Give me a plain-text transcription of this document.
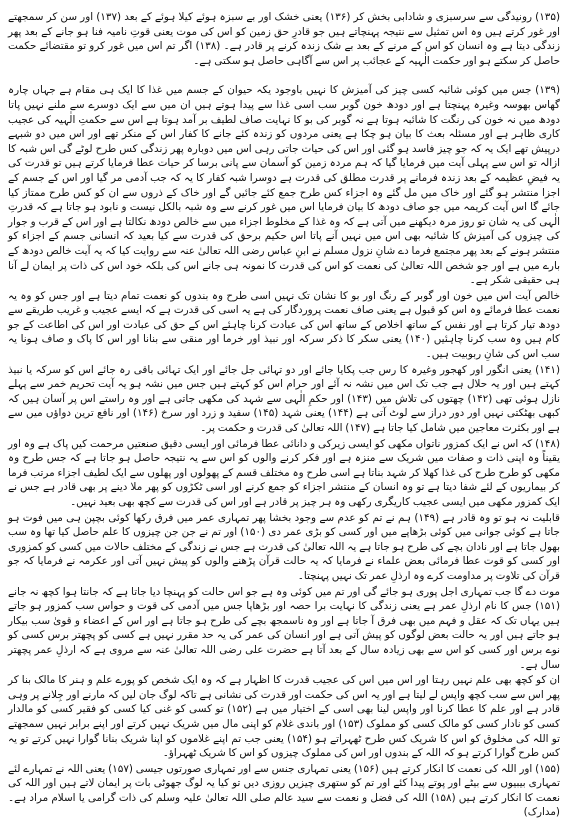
(۱۳۵) رونیدگی سے سرسبزی و شادابی بخش کر (۱۳۶) یعنی خشک اور بے سبزہ ہوئے کیلا ہوئے کے بعد (۱۳۷) اور سن کر سمجھتے اور غور کرتے ہیں وہ اس تمثیل سے نتیجہ پہنچاتے ہیں جو قادرِ حق زمین کو اس کی موت یعنی قوتِ نامیہ فنا ہو جانے کے بعد پھر زندگی دیتا ہے وہ انسان کو اس کے مرنے کے بعد بے شک زندہ کرنے پر قادر ہے۔ (۱۳۸) اگر تم اس میں غور کرو تو مقتضائے حکمت حاصل کر سکتے ہو اور حکمت الٰہیہ کے عجائب پر اس سے آگاہی حاصل ہو سکتی ہے۔

(۱۳۹) جس میں کوئی شائبہ کسی چیز کی آمیزش کا نہیں باوجود یکہ حیوان کے جسم میں غذا کا ایک ہی مقام ہے جہاں چارہ گھاس بھوسہ وغیرہ پہنچتا ہے اور دودھ خون گوبر سب اسی غذا سے پیدا ہوتے ہیں ان میں سے ایک دوسرے سے ملنے نہیں پاتا دودھ میں نہ خون کی رنگت کا شائبہ ہوتا ہے نہ گوبر کی بو کا نہایت صاف لطیف بر آمد ہوتا ہے اس سے حکمتِ الٰہیہ کی عجیب کاری ظاہر ہے اور مسئلہ بعث کا بیان ہو چکا ہے یعنی مردوں کو زندہ کئے جانے کا کفار اس کے منکر تھے اور اس میں دو شبہے درپیش تھے ایک یہ کہ جو چیز فاسد ہو گئی اور اس کی حیات جاتی رہی اس میں دوبارہ پھر زندگی کس طرح لوٹے گی اس شبہ کا ازالہ تو اس سے پہلی آیت میں فرمایا گیا کہ ہم مردہ زمین کو آسمان سے پانی برسا کر حیات عطا فرمایا کرتے ہیں تو قدرت کی یہ فیضِ عظیمہ کے بعد زندہ فرمانے پر قدرت مطلق کی قدرت ہے دوسرا شبہ کفار کا یہ کہ جب آدمی مر گیا اور اس کے جسم کے اجزا منتشر ہو گئے اور خاک میں مل گئے وہ اجزاء کس طرح جمع کئے جائیں گے اور خاک کے ذروں سے ان کو کس طرح ممتاز کیا جائے گا اس آیت کریمہ میں جو صاف دودھ کا بیان فرمایا اس میں غور کرنے سے وہ شبہ بالکل نیست و نابود ہو جاتا ہے کہ قدرتِ الٰہی کی یہ شان تو روز مرہ دیکھنے میں آتی ہے کہ وہ غذا کے مخلوط اجزاء میں سے خالص دودھ نکالتا ہے اور اس کے قرب و جوار کی چیزوں کی آمیزش کا شائبہ بھی اس میں نہیں آنے پاتا اس حکیم برحق کی قدرت سے کیا بعید کہ انسانی جسم کے اجزاء کو منتشر ہونے کے بعد پھر مجتمع فرما دے شانِ نزول مسلم نے ابنِ عباس رضی اللہ تعالیٰ عنہ سے روایت کیا کہ یہ آیت خالص دودھ کے بارے میں ہے اور جو شخص اللہ تعالیٰ کی نعمت کو اس کی قدرت کا نمونہ ہی جانے اس کی بلکہ خود اس کی ذات پر ایمان لے آنا ہی حقیقی شکر ہے۔

خالص آیت اس میں خون اور گوبر کے رنگ اور بو کا نشان تک نہیں اسی طرح وہ بندوں کو نعمت تمام دیتا ہے اور جس کو وہ یہ نعمت عطا فرمائے وہ اس کو قبول ہے یعنی صاف نعمت پروردگار کی ہے یہ اسی کی قدرت ہے کہ ایسے عجیب و غریب طریقے سے دودھ تیار کرتا ہے اور نفس کے ساتھ اخلاص کے ساتھ اس کی عبادت کرنا چاہئے اس کے حق کی عبادت اور اس کی اطاعت کے جو کام ہیں وہ سب کرنا چاہئیں (۱۴۰) یعنی سکر کا ذکر سرکہ اور نبیذ اور خرما اور منقی سے بنانا اور اس کا پاک و صاف ہونا یہ سب اس کی شانِ ربوبیت ہیں۔

(۱۴۱) یعنی انگور اور کھجور وغیرہ کا رس جب پکایا جائے اور دو تہائی جل جائے اور ایک تہائی باقی رہ جائے اس کو سرکہ یا نبیذ کہتے ہیں اور یہ حلال ہے جب تک اس میں نشہ نہ آئے اور حرام اس کو کہتے ہیں جس میں نشہ ہو یہ آیت تحریم خمر سے پہلے نازل ہوئی تھی (۱۴۲) چھتوں کی تلاش میں (۱۴۳) اور حکمِ الٰہی سے شہد کی مکھی جاتی ہے اور وہ راستے اس پر آسان ہیں کہ کبھی بھٹکتی نہیں اور دور دراز سے لوٹ آتی ہے (۱۴۴) یعنی شہد (۱۴۵) سفید و زرد اور سرخ (۱۴۶) اور نافع ترین دواؤں میں سے ہے اور بکثرت معاجین میں شامل کیا جاتا ہے (۱۴۷) اللہ تعالیٰ کی قدرت و حکمت پر۔

(۱۴۸) کہ اس نے ایک کمزور ناتواں مکھی کو ایسی زیرکی و دانائی عطا فرمائی اور ایسی دقیق صنعتیں مرحمت کیں پاک ہے وہ اور یقیناً وہ اپنی ذات و صفات میں شریک سے منزہ ہے اور فکر کرنے والوں کو اس سے یہ نتیجہ حاصل ہو جاتا ہے کہ جس طرح وہ مکھی کو طرح طرح کی غذا کھلا کر شہد بناتا ہے اسی طرح وہ مختلف قسم کے پھولوں اور پھلوں سے ایک لطیف اجزاء مرتب فرما کر بیماریوں کے لئے شفا دیتا ہے تو وہ انسان کے منتشر اجزاء کو جمع کرنے اور اسی ٹکڑوں کو پھر ملا دینے پر بھی قادر ہے جس نے ایک کمزور مکھی میں ایسی عجیب کاریگری رکھی وہ ہر چیز پر قادر ہے اور اس کی قدرت سے کچھ بھی بعید نہیں۔

قابلیت نہ ہو تو وہ قادر ہے (۱۴۹) ہم نے تم کو عدم سے وجود بخشا پھر تمہاری عمر میں فرق رکھا کوئی بچپن ہی میں فوت ہو جاتا ہے کوئی جوانی میں کوئی بڑھاپے میں اور کسی کو بڑی عمر دی (۱۵۰) اور تم نے جن جن چیزوں کا علم حاصل کیا تھا وہ سب بھول جاتا ہے اور نادان بچے کی طرح ہو جاتا ہے یہ اللہ تعالیٰ کی قدرت ہے جس نے زندگی کے مختلف حالات میں کسی کو کمزوری اور کسی کو قوت عطا فرمائی بعض علماء نے فرمایا کہ یہ حالت قرآن پڑھنے والوں کو پیش نہیں آتی اور عکرمہ نے فرمایا کہ جو قرآن کی تلاوت پر مداومت کرے وہ ارذلِ عمر تک نہیں پہنچتا۔

موت دے گا جب تمہاری اجل پوری ہو جائے گی اور تم میں کوئی وہ ہے جو اس حالت کو پہنچا دیا جاتا ہے کہ جانتا ہوا کچھ نہ جانے (۱۵۱) جس کا نام ارذلِ عمر ہے یعنی زندگی کا نہایت برا حصہ اور بڑھاپا جس میں آدمی کی قوت و حواس سب کمزور ہو جاتے ہیں یہاں تک کہ عقل و فہم میں بھی فرق آ جاتا ہے اور وہ ناسمجھ بچے کی طرح ہو جاتا ہے اور اس کے اعضاء و قویٰ سب بیکار ہو جاتے ہیں اور یہ حالت بعض لوگوں کو پیش آتی ہے اور انسان کی عمر کی یہ حد مقرر نہیں ہے کسی کو پچھتر برس کسی کو نوے برس اور کسی کو اس سے بھی زیادہ سال کے بعد آتا ہے حضرت علی رضی اللہ تعالیٰ عنہ سے مروی ہے کہ ارذلِ عمر پچھتر سال ہے۔

ان کو کچھ بھی علم نہیں رہتا اور اس میں اس کی عجیب قدرت کا اظہار ہے کہ وہ ایک شخص کو پورے علم و ہنر کا مالک بنا کر پھر اس سے سب کچھ واپس لے لیتا ہے اور یہ اس کی حکمت اور قدرت کی نشانی ہے تاکہ لوگ جان لیں کہ مارنے اور جِلانے پر وہی قادر ہے اور علم کا عطا کرنا اور واپس لینا بھی اسی کے اختیار میں ہے (۱۵۲) تو کسی کو غنی کیا کسی کو فقیر کسی کو مالدار کسی کو نادار کسی کو مالک کسی کو مملوک (۱۵۳) اور باندی غلام کو اپنی مال میں شریک نہیں کرتے اور اپنے برابر نہیں سمجھتے تو اللہ کی مخلوق کو اس کا شریک کس طرح ٹھہراتے ہو (۱۵۴) یعنی جب تم اپنے غلاموں کو اپنا شریک بنانا گوارا نہیں کرتے تو یہ کس طرح گوارا کرتے ہو کہ اللہ کے بندوں اور اس کی مملوک چیزوں کو اس کا شریک ٹھہراؤ۔

(۱۵۵) اور اللہ کی نعمت کا انکار کرتے ہیں (۱۵۶) یعنی تمہاری جنس سے اور تمہاری صورتوں جیسی (۱۵۷) یعنی اللہ نے تمہارے لئے تمہاری بیبیوں سے بیٹے اور پوتے پیدا کئے اور تم کو ستھری چیزیں روزی دیں تو کیا یہ لوگ جھوٹی بات پر ایمان لاتے ہیں اور اللہ کی نعمت کا انکار کرتے ہیں (۱۵۸) اللہ کی فضل و نعمت سے سید عالم صلی اللہ تعالیٰ علیہ وسلم کی ذات گرامی یا اسلام مراد ہے۔ (مدارک)
